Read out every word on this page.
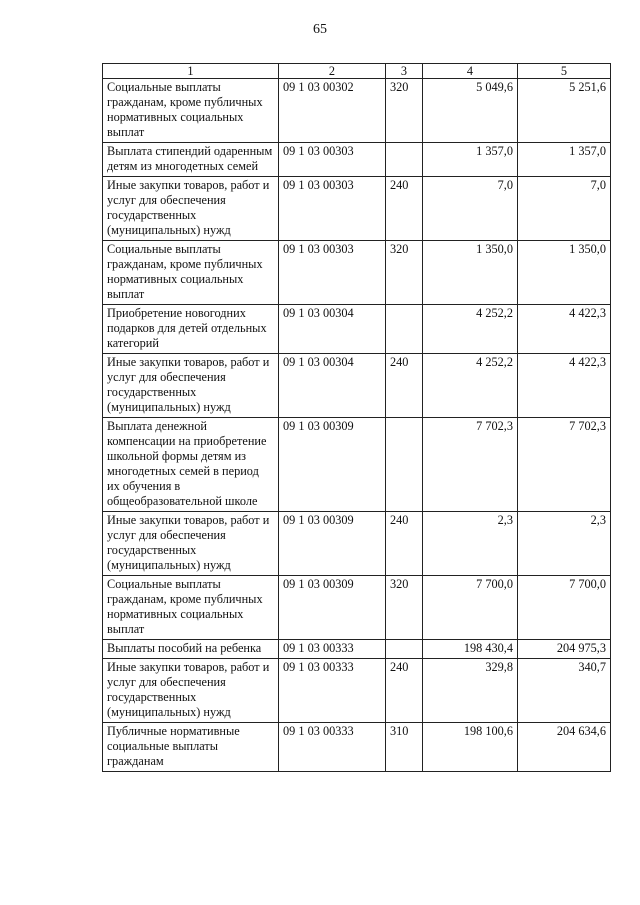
65
1	2	3	4	5
Социальные выплаты гражданам, кроме публичных нормативных социальных выплат	09 1 03 00302	320	5 049,6	5 251,6
Выплата стипендий одаренным детям из многодетных семей	09 1 03 00303		1 357,0	1 357,0
Иные закупки товаров, работ и услуг для обеспечения государственных (муниципальных) нужд	09 1 03 00303	240	7,0	7,0
Социальные выплаты гражданам, кроме публичных нормативных социальных выплат	09 1 03 00303	320	1 350,0	1 350,0
Приобретение новогодних подарков для детей отдельных категорий	09 1 03 00304		4 252,2	4 422,3
Иные закупки товаров, работ и услуг для обеспечения государственных (муниципальных) нужд	09 1 03 00304	240	4 252,2	4 422,3
Выплата денежной компенсации на приобретение школьной формы детям из многодетных семей в период их обучения в общеобразовательной школе	09 1 03 00309		7 702,3	7 702,3
Иные закупки товаров, работ и услуг для обеспечения государственных (муниципальных) нужд	09 1 03 00309	240	2,3	2,3
Социальные выплаты гражданам, кроме публичных нормативных социальных выплат	09 1 03 00309	320	7 700,0	7 700,0
Выплаты пособий на ребенка	09 1 03 00333		198 430,4	204 975,3
Иные закупки товаров, работ и услуг для обеспечения государственных (муниципальных) нужд	09 1 03 00333	240	329,8	340,7
Публичные нормативные социальные выплаты гражданам	09 1 03 00333	310	198 100,6	204 634,6
